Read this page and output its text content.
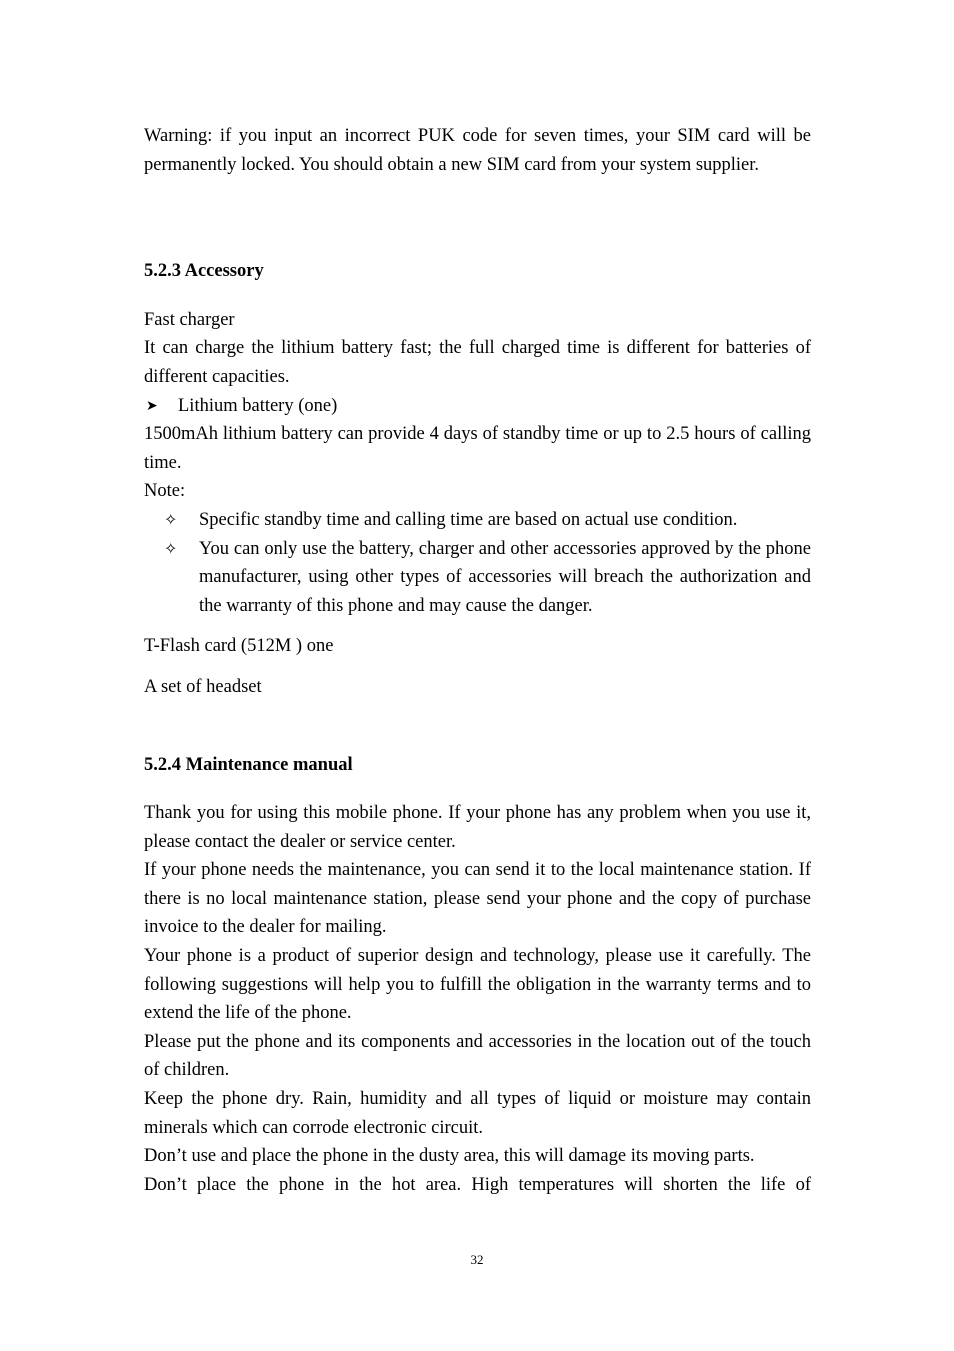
Warning: if you input an incorrect PUK code for seven times, your SIM card will be permanently locked. You should obtain a new SIM card from your system supplier.

5.2.3 Accessory

Fast charger

It can charge the lithium battery fast; the full charged time is different for batteries of different capacities.

➤	Lithium battery (one)

1500mAh lithium battery can provide 4 days of standby time or up to 2.5 hours of calling time.

Note:

✧	Specific standby time and calling time are based on actual use condition.
✧	You can only use the battery, charger and other accessories approved by the phone manufacturer, using other types of accessories will breach the authorization and the warranty of this phone and may cause the danger.

T-Flash card (512M ) one

A set of headset

5.2.4 Maintenance manual

Thank you for using this mobile phone. If your phone has any problem when you use it, please contact the dealer or service center.

If your phone needs the maintenance, you can send it to the local maintenance station. If there is no local maintenance station, please send your phone and the copy of purchase invoice to the dealer for mailing.

Your phone is a product of superior design and technology, please use it carefully. The following suggestions will help you to fulfill the obligation in the warranty terms and to extend the life of the phone.

Please put the phone and its components and accessories in the location out of the touch of children.

Keep the phone dry. Rain, humidity and all types of liquid or moisture may contain minerals which can corrode electronic circuit.

Don’t use and place the phone in the dusty area, this will damage its moving parts.

Don’t place the phone in the hot area. High temperatures will shorten the life of

32
